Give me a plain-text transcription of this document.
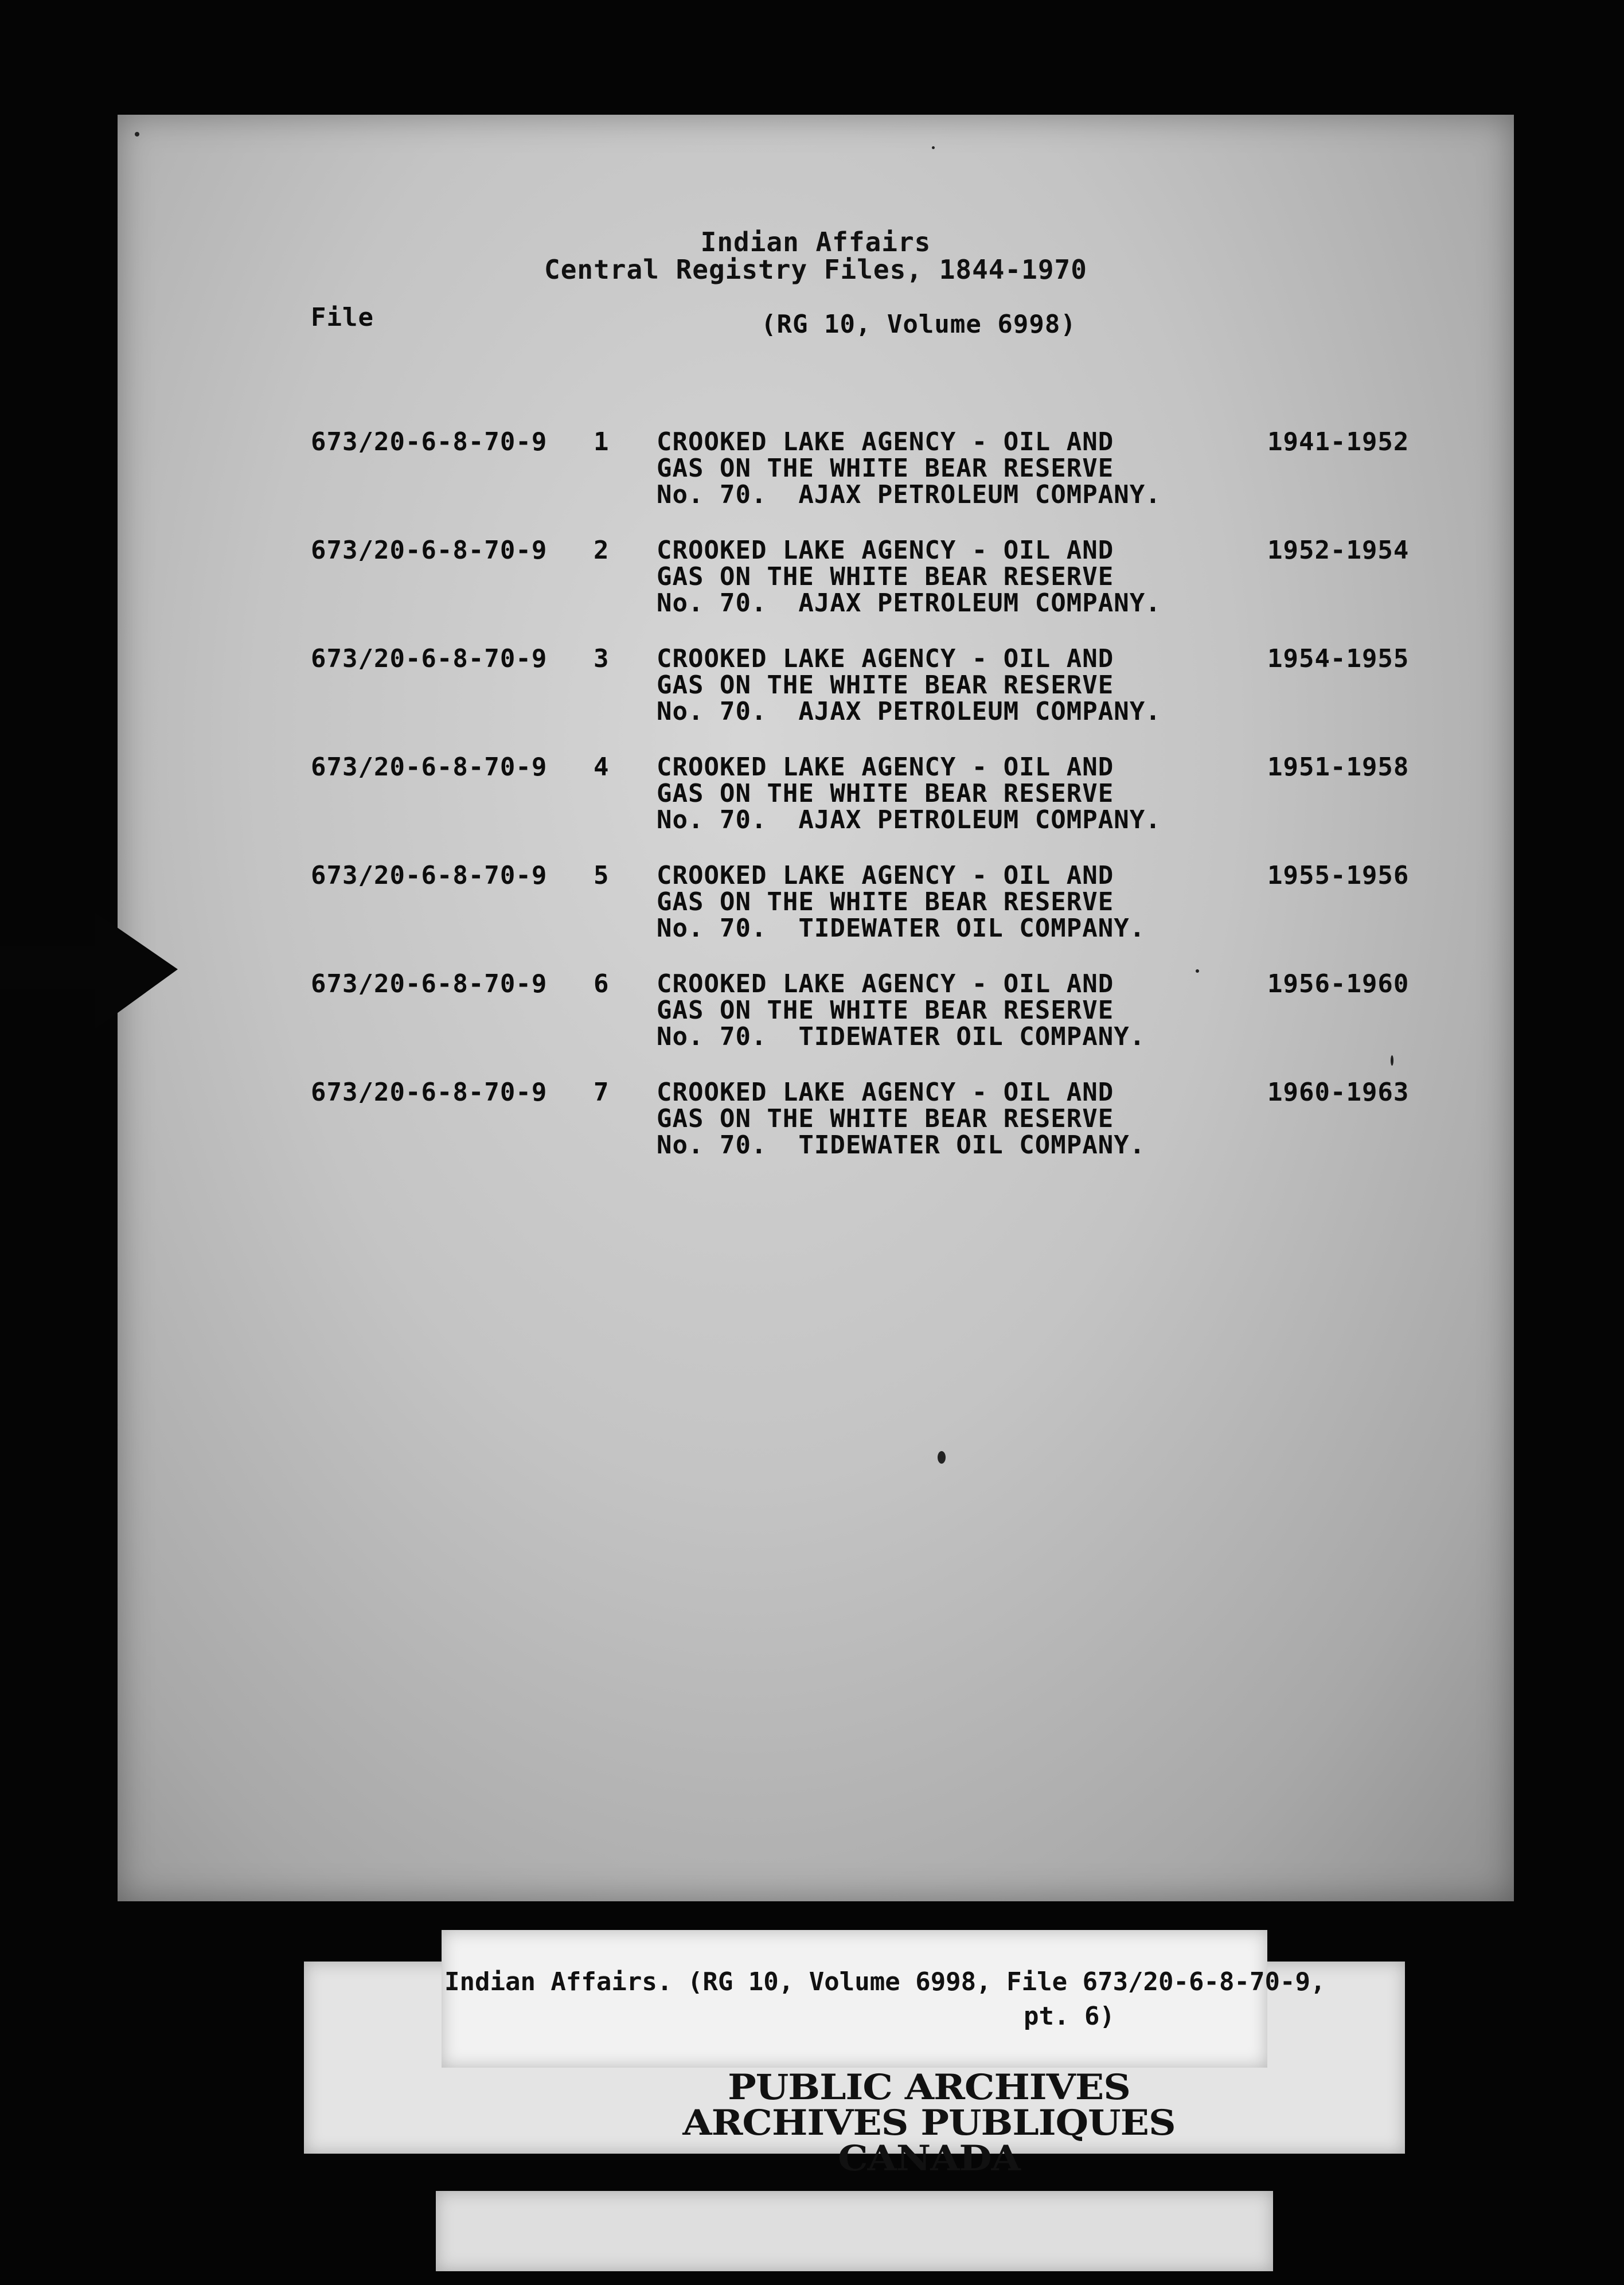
Indian Affairs
Central Registry Files, 1844-1970
File	(RG 10, Volume 6998)
673/20-6-8-70-9 1 CROOKED LAKE AGENCY - OIL AND
GAS ON THE WHITE BEAR RESERVE
No. 70.  AJAX PETROLEUM COMPANY.
1941-1952
673/20-6-8-70-9 2 CROOKED LAKE AGENCY - OIL AND
GAS ON THE WHITE BEAR RESERVE
No. 70.  AJAX PETROLEUM COMPANY.
1952-1954
673/20-6-8-70-9 3 CROOKED LAKE AGENCY - OIL AND
GAS ON THE WHITE BEAR RESERVE
No. 70.  AJAX PETROLEUM COMPANY.
1954-1955
673/20-6-8-70-9 4 CROOKED LAKE AGENCY - OIL AND
GAS ON THE WHITE BEAR RESERVE
No. 70.  AJAX PETROLEUM COMPANY.
1951-1958
673/20-6-8-70-9 5 CROOKED LAKE AGENCY - OIL AND
GAS ON THE WHITE BEAR RESERVE
No. 70.  TIDEWATER OIL COMPANY.
1955-1956
673/20-6-8-70-9 6 CROOKED LAKE AGENCY - OIL AND
GAS ON THE WHITE BEAR RESERVE
No. 70.  TIDEWATER OIL COMPANY.
1956-1960
673/20-6-8-70-9 7 CROOKED LAKE AGENCY - OIL AND
GAS ON THE WHITE BEAR RESERVE
No. 70.  TIDEWATER OIL COMPANY.
1960-1963
Indian Affairs. (RG 10, Volume 6998, File 673/20-6-8-70-9,
pt. 6)
PUBLIC ARCHIVES
ARCHIVES PUBLIQUES
CANADA
